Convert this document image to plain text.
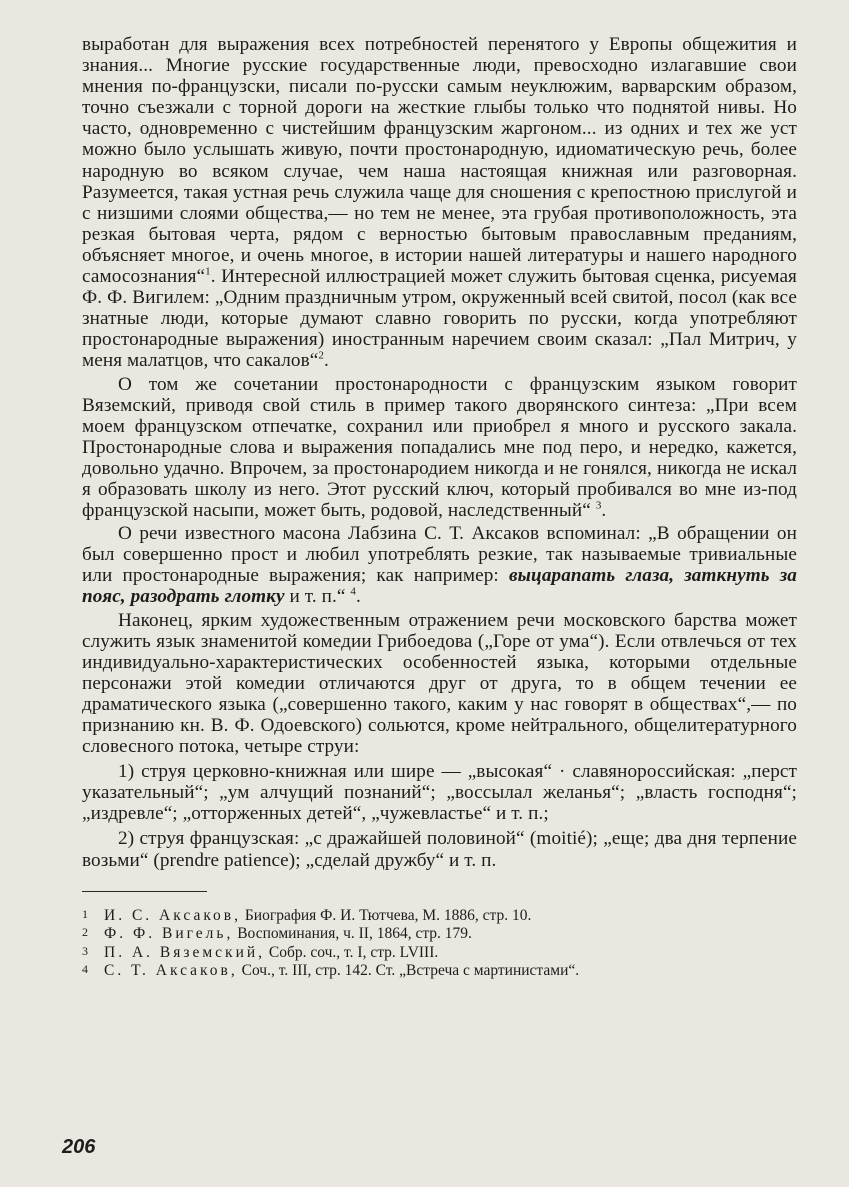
выработан для выражения всех потребностей перенятого у Европы общежития и знания... Многие русские государственные люди, превосходно излагавшие свои мнения по-французски, писали по-русски самым неуклюжим, варварским образом, точно съезжали с торной дороги на жесткие глыбы только что поднятой нивы. Но часто, одновременно с чистейшим французским жаргоном... из одних и тех же уст можно было услышать живую, почти простонародную, идиоматическую речь, более народную во всяком случае, чем наша настоящая книжная или разговорная. Разумеется, такая устная речь служила чаще для сношения с крепостною прислугой и с низшими слоями общества,— но тем не менее, эта грубая противоположность, эта резкая бытовая черта, рядом с верностью бытовым православным преданиям, объясняет многое, и очень многое, в истории нашей литературы и нашего народного самосознания“$^1$. Интересной иллюстрацией может служить бытовая сценка, рисуемая Ф. Ф. Вигилем: „Одним праздничным утром, окруженный всей свитой, посол (как все знатные люди, которые думают славно говорить по русски, когда употребляют простонародные выражения) иностранным наречием своим сказал: „Пал Митрич, у меня малатцов, что сакалов“$^2$.

О том же сочетании простонародности с французским языком говорит Вяземский, приводя свой стиль в пример такого дворянского синтеза: „При всем моем французском отпечатке, сохранил или приобрел я много и русского закала. Простонародные слова и выражения попадались мне под перо, и нередко, кажется, довольно удачно. Впрочем, за простонародием никогда и не гонялся, никогда не искал я образовать школу из него. Этот русский ключ, который пробивался во мне из-под французской насыпи, может быть, родовой, наследственный“ $^3$.

О речи известного масона Лабзина С. Т. Аксаков вспоминал: „В обращении он был совершенно прост и любил употреблять резкие, так называемые тривиальные или простонародные выражения; как например: выцарапать глаза, заткнуть за пояс, разодрать глотку и т. п.“ $^4$.

Наконец, ярким художественным отражением речи московского барства может служить язык знаменитой комедии Грибоедова („Горе от ума“). Если отвлечься от тех индивидуально-характеристических особенностей языка, которыми отдельные персонажи этой комедии отличаются друг от друга, то в общем течении ее драматического языка („совершенно такого, каким у нас говорят в обществах“,— по признанию кн. В. Ф. Одоевского) сольются, кроме нейтрального, общелитературного словесного потока, четыре струи:

1) струя церковно-книжная или шире — „высокая“ · славянороссийская: „перст указательный“; „ум алчущий познаний“; „воссылал желанья“; „власть господня“; „издревле“; „отторженных детей“, „чужевластье“ и т. п.;

2) струя французская: „с дражайшей половиной“ (moitié); „еще; два дня терпение возьми“ (prendre patience); „сделай дружбу“ и т. п.

1 И. С. Аксаков, Биография Ф. И. Тютчева, М. 1886, стр. 10.

2 Ф. Ф. Вигель, Воспоминания, ч. II, 1864, стр. 179.

3 П. А. Вяземский, Собр. соч., т. I, стр. LVIII.

4 С. Т. Аксаков, Соч., т. III, стр. 142. Ст. „Встреча с мартинистами“.

206
